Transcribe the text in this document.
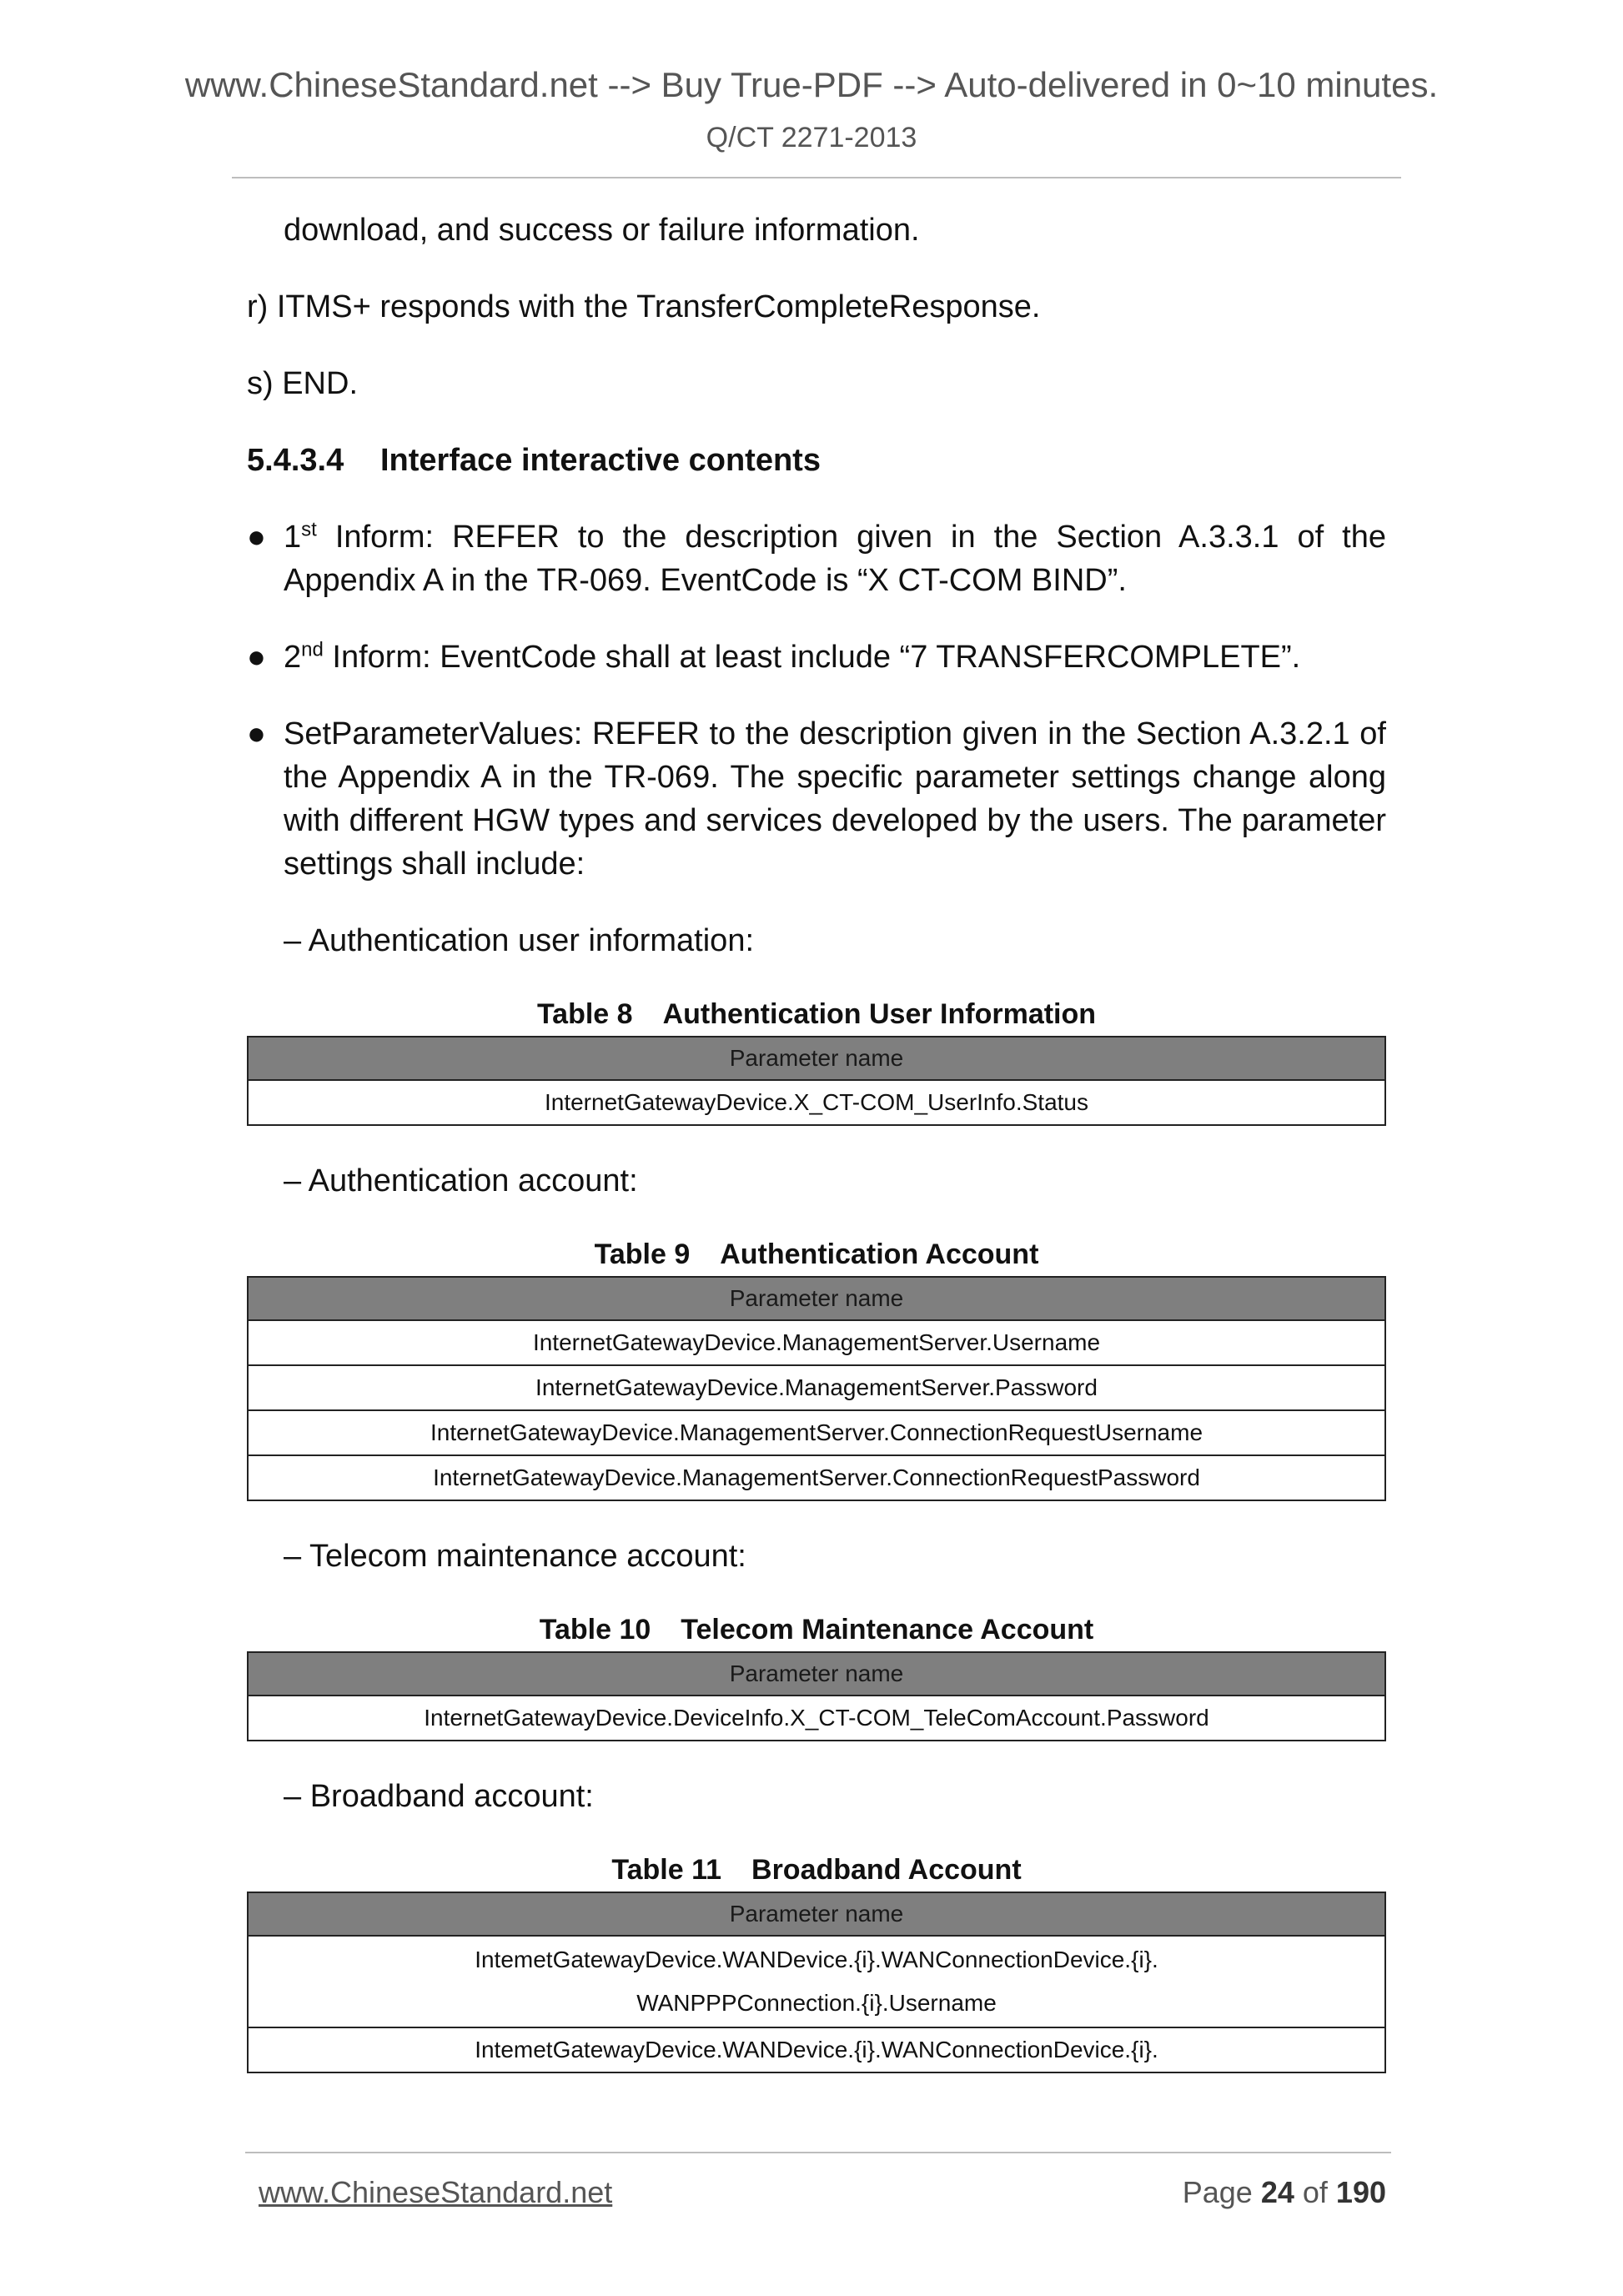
www.ChineseStandard.net --> Buy True-PDF --> Auto-delivered in 0~10 minutes.
Q/CT 2271-2013

download, and success or failure information.

r) ITMS+ responds with the TransferCompleteResponse.

s) END.

5.4.3.4 Interface interactive contents
● 1st Inform: REFER to the description given in the Section A.3.3.1 of the Appendix A in the TR-069. EventCode is “X CT-COM BIND”.
● 2nd Inform: EventCode shall at least include “7 TRANSFERCOMPLETE”.
● SetParameterValues: REFER to the description given in the Section A.3.2.1 of the Appendix A in the TR-069. The specific parameter settings change along with different HGW types and services developed by the users. The parameter settings shall include:
– Authentication user information:
Table 8 Authentication User Information
Parameter name
InternetGatewayDevice.X_CT-COM_UserInfo.Status
– Authentication account:
Table 9 Authentication Account
Parameter name
InternetGatewayDevice.ManagementServer.Username
InternetGatewayDevice.ManagementServer.Password
InternetGatewayDevice.ManagementServer.ConnectionRequestUsername
InternetGatewayDevice.ManagementServer.ConnectionRequestPassword
– Telecom maintenance account:
Table 10 Telecom Maintenance Account
Parameter name
InternetGatewayDevice.DeviceInfo.X_CT-COM_TeleComAccount.Password
– Broadband account:
Table 11 Broadband Account
Parameter name

IntemetGatewayDevice.WANDevice.{i}.WANConnectionDevice.{i}.
WANPPPConnection.{i}.Username

IntemetGatewayDevice.WANDevice.{i}.WANConnectionDevice.{i}.
www.ChineseStandard.net	Page 24 of 190
